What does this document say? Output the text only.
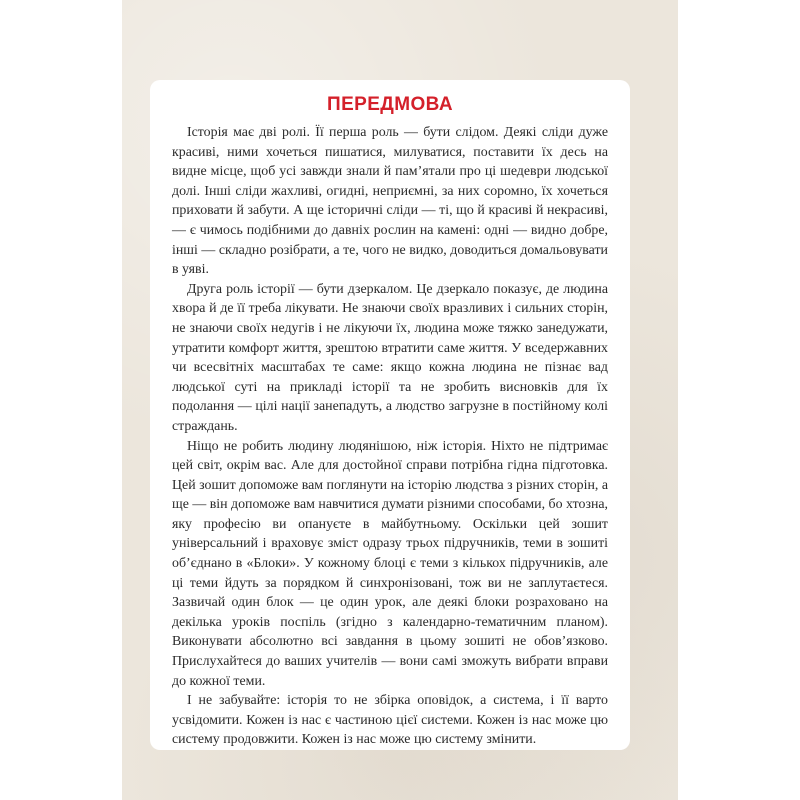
ПЕРЕДМОВА

Історія має дві ролі. Її перша роль — бути слідом. Деякі сліди дуже красиві, ними хочеться пишатися, милуватися, поставити їх десь на видне місце, щоб усі завжди знали й пам’ятали про ці шедеври людської долі. Інші сліди жахливі, огидні, неприємні, за них соромно, їх хочеться приховати й забути. А ще історичні сліди — ті, що й красиві й некрасиві, — є чимось подібними до давніх рослин на камені: одні — видно добре, інші — складно розібрати, а те, чого не видко, доводиться домальовувати в уяві.

Друга роль історії — бути дзеркалом. Це дзеркало показує, де людина хвора й де її треба лікувати. Не знаючи своїх вразливих і сильних сторін, не знаючи своїх недугів і не лікуючи їх, людина може тяжко занедужати, утратити комфорт життя, зрештою втратити саме життя. У вседержавних чи всесвітніх масштабах те саме: якщо кожна людина не пізнає вад людської суті на прикладі історії та не зробить висновків для їх подолання — цілі нації занепадуть, а людство загрузне в постійному колі страждань.

Ніщо не робить людину людянішою, ніж історія. Ніхто не підтримає цей світ, окрім вас. Але для достойної справи потрібна гідна підготовка. Цей зошит допоможе вам поглянути на історію людства з різних сторін, а ще — він допоможе вам навчитися думати різними способами, бо хтозна, яку професію ви опануєте в майбутньому. Оскільки цей зошит універсальний і враховує зміст одразу трьох підручників, теми в зошиті об’єднано в «Блоки». У кожному блоці є теми з кількох підручників, але ці теми йдуть за порядком й синхронізовані, тож ви не заплутаєтеся. Зазвичай один блок — це один урок, але деякі блоки розраховано на декілька уроків поспіль (згідно з календарно-тематичним планом). Виконувати абсолютно всі завдання в цьому зошиті не обов’язково. Прислухайтеся до ваших учителів — вони самі зможуть вибрати вправи до кожної теми.

І не забувайте: історія то не збірка оповідок, а система, і її варто усвідомити. Кожен із нас є частиною цієї системи. Кожен із нас може цю систему продовжити. Кожен із нас може цю систему змінити.
